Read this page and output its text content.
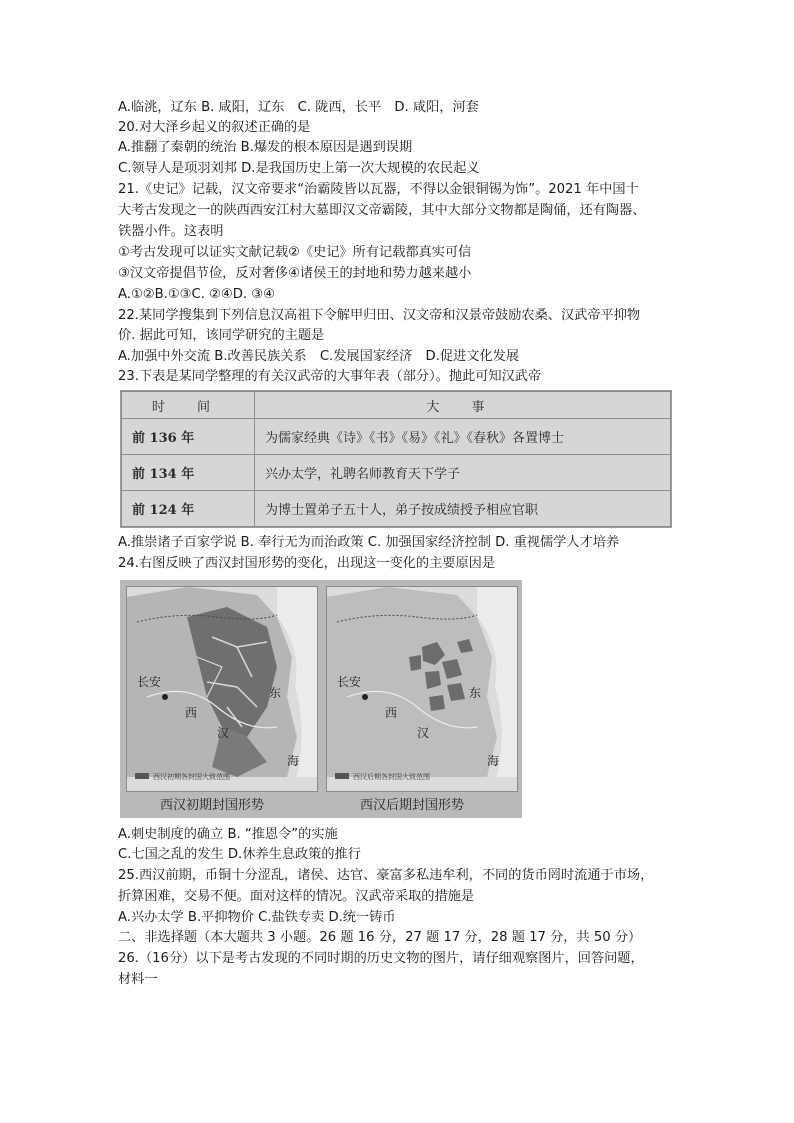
A.临洮，辽东 B. 咸阳，辽东　C. 陇西，长平　D. 咸阳，河套
20.对大泽乡起义的叙述正确的是
A.推翻了秦朝的统治 B.爆发的根本原因是遇到误期
C.领导人是项羽刘邦 D.是我国历史上第一次大规模的农民起义
21.《史记》记载，汉文帝要求“治霸陵皆以瓦器，不得以金银铜锡为饰”。2021 年中国十
大考古发现之一的陕西西安江村大墓即汉文帝霸陵，其中大部分文物都是陶俑，还有陶器、
铁器小件。这表明
①考古发现可以证实文献记载②《史记》所有记载都真实可信
③汉文帝提倡节俭，反对奢侈④诸侯王的封地和势力越来越小
A.①②B.①③C. ②④D. ③④
22.某同学搜集到下列信息汉高祖下令解甲归田、汉文帝和汉景帝鼓励农桑、汉武帝平抑物
价. 据此可知，该同学研究的主题是
A.加强中外交流 B.改善民族关系　C.发展国家经济　D.促进文化发展
23.下表是某同学整理的有关汉武帝的大事年表（部分）。抛此可知汉武帝
时 间	大 事
前 136 年	为儒家经典《诗》《书》《易》《礼》《春秋》各置博士
前 134 年	兴办太学，礼聘名师教育天下学子
前 124 年	为博士置弟子五十人，弟子按成绩授予相应官职
A.推崇诸子百家学说 B. 奉行无为而治政策 C. 加强国家经济控制 D. 重视儒学人才培养
24.右图反映了西汉封国形势的变化，出现这一变化的主要原因是
长安
西
东
汉
海
西汉初期各封国大致范围
长安
西
东
汉
海
西汉后期各封国大致范围
西汉初期封国形势	西汉后期封国形势
A.刺史制度的确立 B. “推恩令”的实施
C.七国之乱的发生 D.休养生息政策的推行
25.西汉前期，币铜十分涩乱，诸侯、达官、豪富多私违牟利，不同的货币罔时流通于市场，
折算困难，交易不便。面对这样的情况。汉武帝采取的措施是
A.兴办太学 B.平抑物价 C.盐铁专卖 D.统一铸币
二、非选择题（本大题共 3 小题。26 题 16 分，27 题 17 分，28 题 17 分，共 50 分）
26.（16分）以下是考古发现的不同时期的历史文物的图片，请仔细观察图片，回答问题，
材料一
